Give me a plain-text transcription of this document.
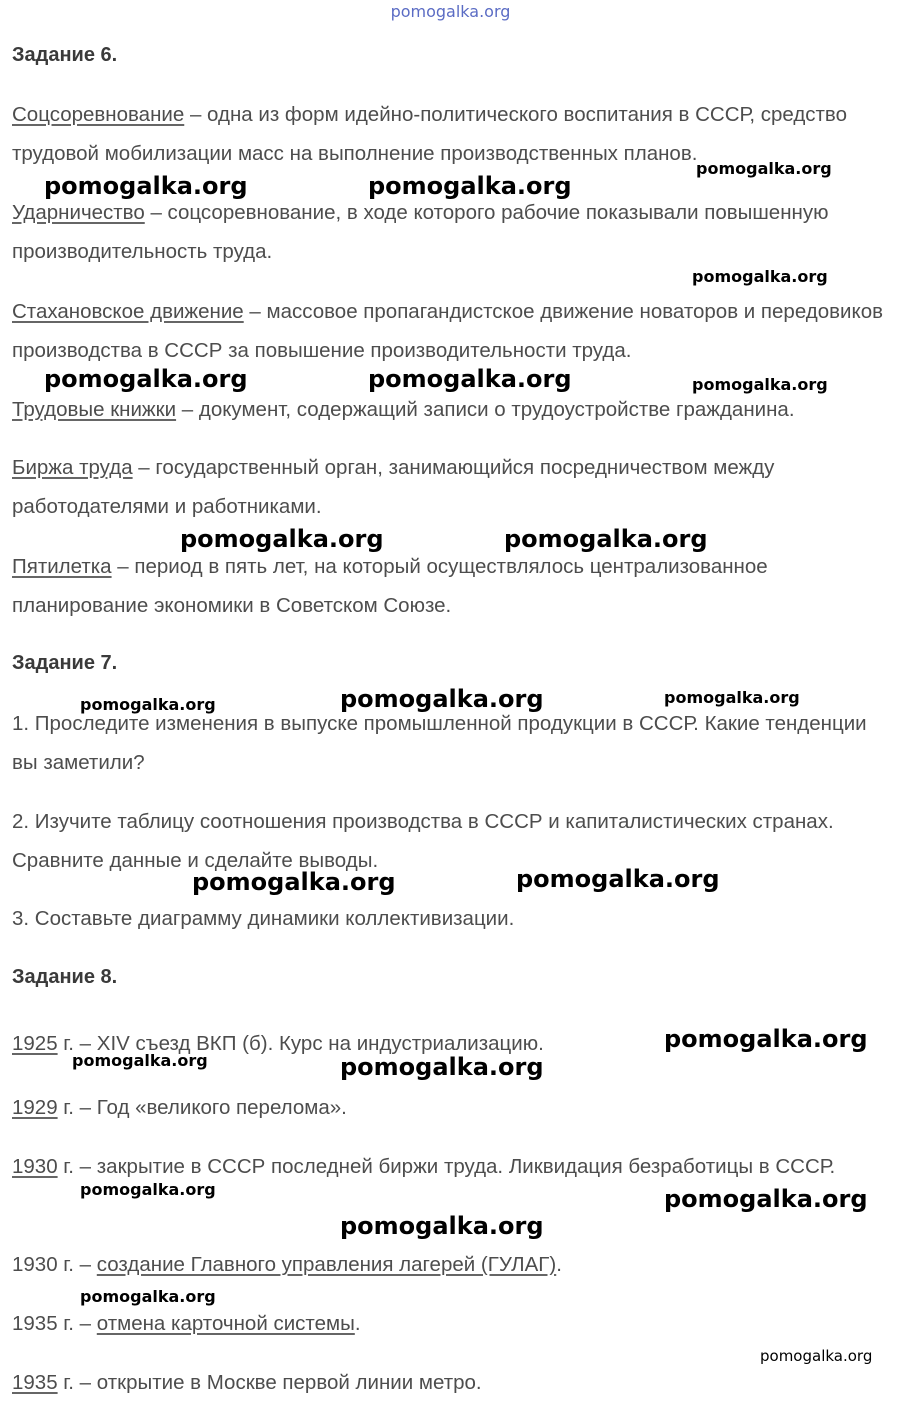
pomogalka.org
Задание 6.

Соцсоревнование – одна из форм идейно-политического воспитания в СССР, средство трудовой мобилизации масс на выполнение производственных планов.

Ударничество – соцсоревнование, в ходе которого рабочие показывали повышенную производительность труда.

Стахановское движение – массовое пропагандистское движение новаторов и передовиков производства в СССР за повышение производительности труда.

Трудовые книжки – документ, содержащий записи о трудоустройстве гражданина.

Биржа труда – государственный орган, занимающийся посредничеством между работодателями и работниками.

Пятилетка – период в пять лет, на который осуществлялось централизованное планирование экономики в Советском Союзе.

Задание 7.

1. Проследите изменения в выпуске промышленной продукции в СССР. Какие тенденции вы заметили?

2. Изучите таблицу соотношения производства в СССР и капиталистических странах. Сравните данные и сделайте выводы.

3. Составьте диаграмму динамики коллективизации.

Задание 8.

1925 г. – XIV съезд ВКП (б). Курс на индустриализацию.

1929 г. – Год «великого перелома».

1930 г. – закрытие в СССР последней биржи труда. Ликвидация безработицы в СССР.

1930 г. – создание Главного управления лагерей (ГУЛАГ).

1935 г. – отмена карточной системы.

1935 г. – открытие в Москве первой линии метро.

pomogalka.org	pomogalka.org
pomogalka.org
pomogalka.org
pomogalka.org	pomogalka.org	pomogalka.org
pomogalka.org	pomogalka.org
pomogalka.org	pomogalka.org	pomogalka.org
pomogalka.org	pomogalka.org
pomogalka.org
pomogalka.org	pomogalka.org
pomogalka.org	pomogalka.org
pomogalka.org
pomogalka.org
pomogalka.org
